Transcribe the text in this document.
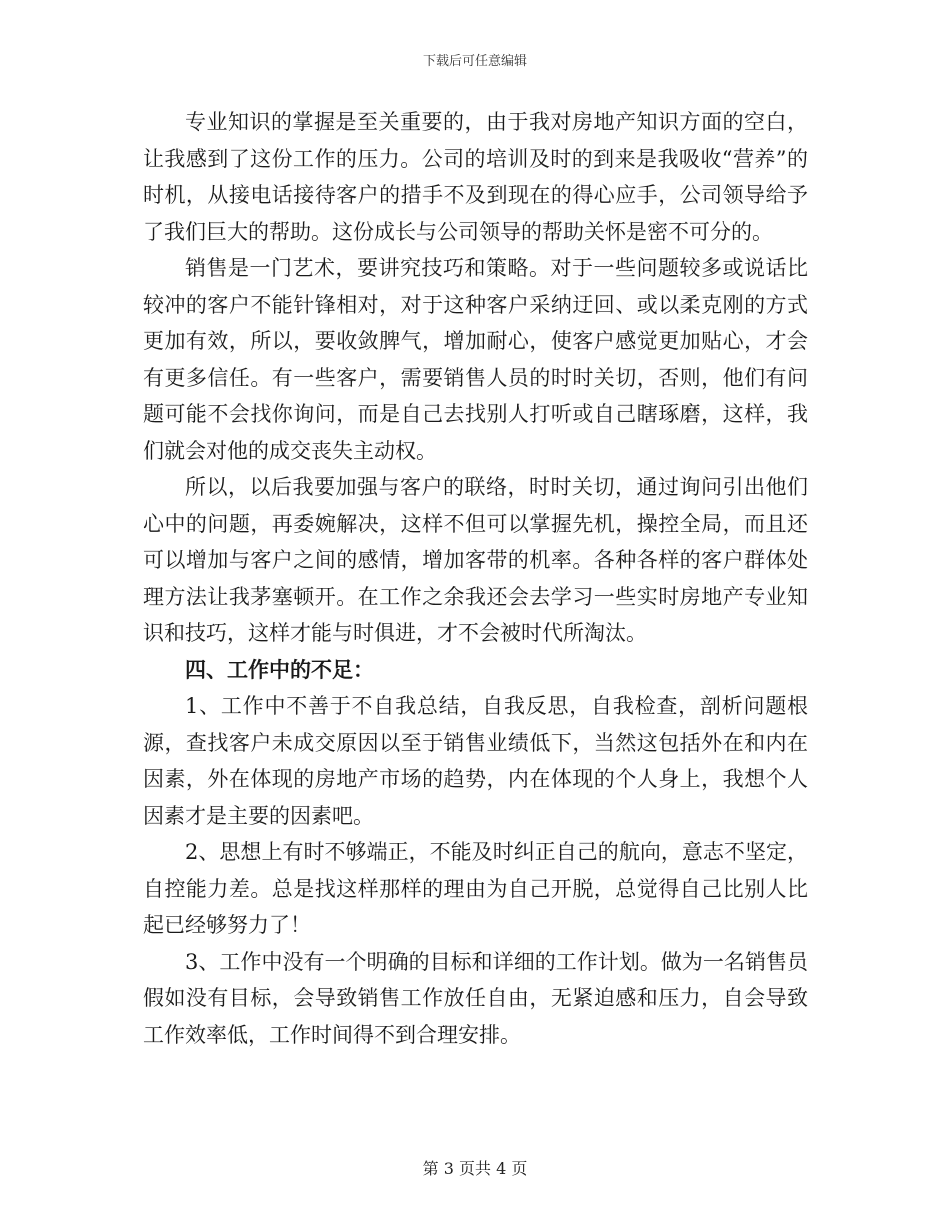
下载后可任意编辑

专业知识的掌握是至关重要的，由于我对房地产知识方面的空白，让我感到了这份工作的压力。公司的培训及时的到来是我吸收“营养”的时机，从接电话接待客户的措手不及到现在的得心应手，公司领导给予了我们巨大的帮助。这份成长与公司领导的帮助关怀是密不可分的。

销售是一门艺术，要讲究技巧和策略。对于一些问题较多或说话比较冲的客户不能针锋相对，对于这种客户采纳迂回、或以柔克刚的方式更加有效，所以，要收敛脾气，增加耐心，使客户感觉更加贴心，才会有更多信任。有一些客户，需要销售人员的时时关切，否则，他们有问题可能不会找你询问，而是自己去找别人打听或自己瞎琢磨，这样，我们就会对他的成交丧失主动权。

所以，以后我要加强与客户的联络，时时关切，通过询问引出他们心中的问题，再委婉解决，这样不但可以掌握先机，操控全局，而且还可以增加与客户之间的感情，增加客带的机率。各种各样的客户群体处理方法让我茅塞顿开。在工作之余我还会去学习一些实时房地产专业知识和技巧，这样才能与时俱进，才不会被时代所淘汰。

四、工作中的不足：

1、工作中不善于不自我总结，自我反思，自我检查，剖析问题根源，查找客户未成交原因以至于销售业绩低下，当然这包括外在和内在因素，外在体现的房地产市场的趋势，内在体现的个人身上，我想个人因素才是主要的因素吧。

2、思想上有时不够端正，不能及时纠正自己的航向，意志不坚定，自控能力差。总是找这样那样的理由为自己开脱，总觉得自己比别人比起已经够努力了！

3、工作中没有一个明确的目标和详细的工作计划。做为一名销售员假如没有目标，会导致销售工作放任自由，无紧迫感和压力，自会导致工作效率低，工作时间得不到合理安排。

第 3 页共 4 页
